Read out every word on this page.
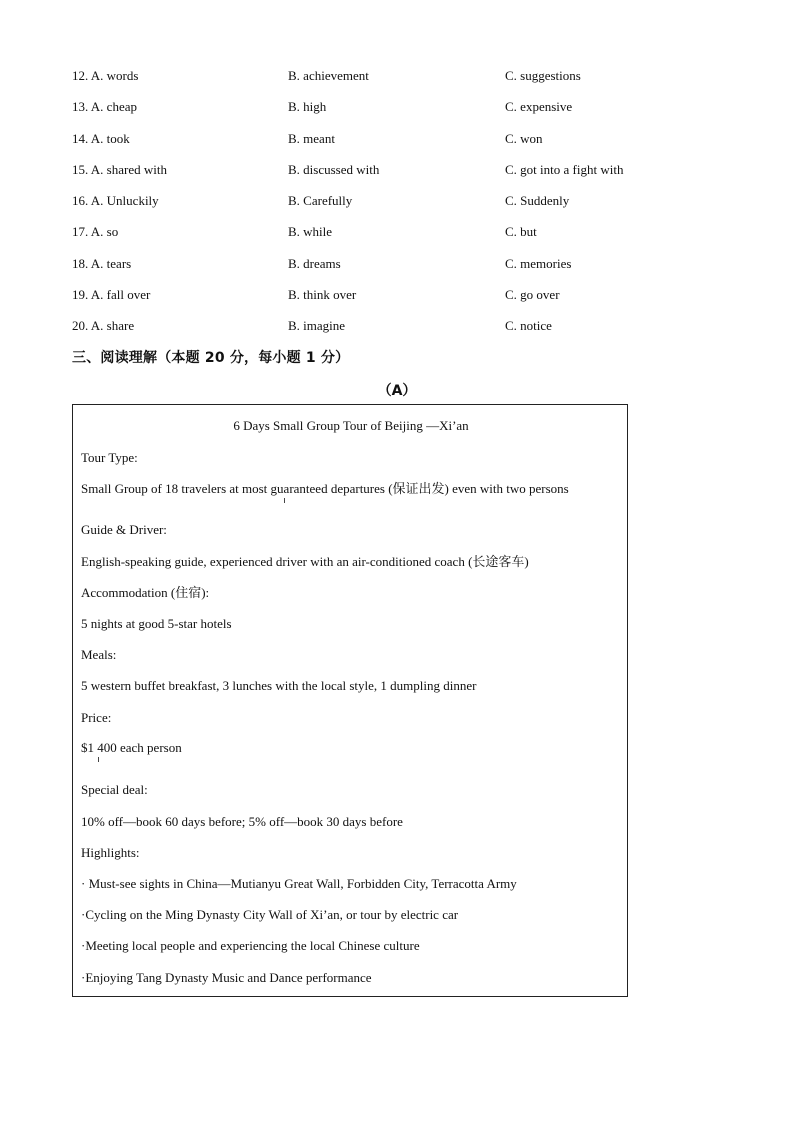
12. A. words	B. achievement	C. suggestions
13. A. cheap	B. high	C. expensive
14. A. took	B. meant	C. won
15. A. shared with	B. discussed with	C. got into a fight with
16. A. Unluckily	B. Carefully	C. Suddenly
17. A. so	B. while	C. but
18. A. tears	B. dreams	C. memories
19. A. fall over	B. think over	C. go over
20. A. share	B. imagine	C. notice
三、阅读理解（本题 20 分，每小题 1 分）
（A）
6 Days Small Group Tour of Beijing —Xi’an
Tour Type:
Small Group of 18 travelers at most guaranteed departures (保证出发) even with two persons
Guide & Driver:
English-speaking guide, experienced driver with an air-conditioned coach (长途客车)
Accommodation (住宿):
5 nights at good 5-star hotels
Meals:
5 western buffet breakfast, 3 lunches with the local style, 1 dumpling dinner
Price:
$1 400 each person
Special deal:
10% off—book 60 days before; 5% off—book 30 days before
Highlights:
· Must-see sights in China—Mutianyu Great Wall, Forbidden City, Terracotta Army
·Cycling on the Ming Dynasty City Wall of Xi’an, or tour by electric car
·Meeting local people and experiencing the local Chinese culture
·Enjoying Tang Dynasty Music and Dance performance
